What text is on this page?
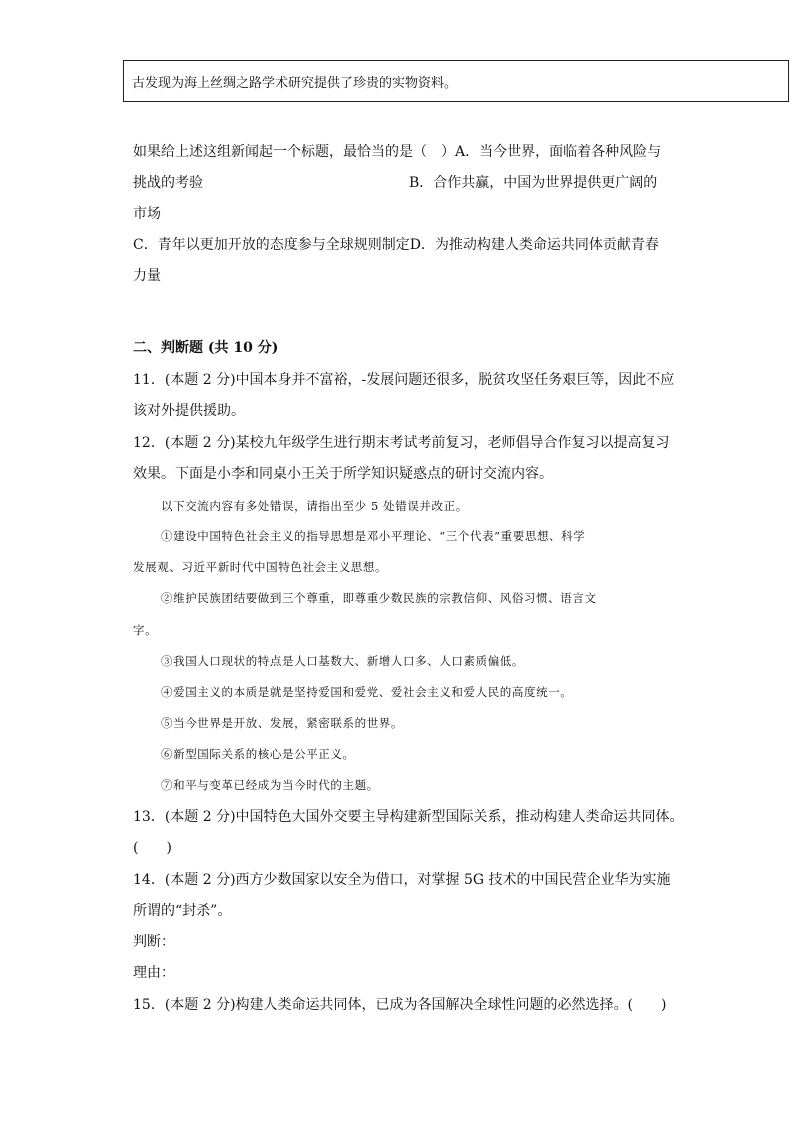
古发现为海上丝绸之路学术研究提供了珍贵的实物资料。
如果给上述这组新闻起一个标题，最恰当的是（　）A．当今世界，面临着各种风险与
挑战的考验	B．合作共赢，中国为世界提供更广阔的
市场
C．青年以更加开放的态度参与全球规则制定D．为推动构建人类命运共同体贡献青春
力量
二、判断题 (共 10 分)
11．(本题 2 分)中国本身并不富裕，-发展问题还很多，脱贫攻坚任务艰巨等，因此不应
该对外提供援助。
12．(本题 2 分)某校九年级学生进行期末考试考前复习，老师倡导合作复习以提高复习
效果。下面是小李和同桌小王关于所学知识疑惑点的研讨交流内容。
以下交流内容有多处错误，请指出至少 5 处错误并改正。
①建设中国特色社会主义的指导思想是邓小平理论、“三个代表”重要思想、科学
发展观、习近平新时代中国特色社会主义思想。
②维护民族团结要做到三个尊重，即尊重少数民族的宗教信仰、风俗习惯、语言文
字。
③我国人口现状的特点是人口基数大、新增人口多、人口素质偏低。
④爱国主义的本质是就是坚持爱国和爱党、爱社会主义和爱人民的高度统一。
⑤当今世界是开放、发展，紧密联系的世界。
⑥新型国际关系的核心是公平正义。
⑦和平与变革已经成为当今时代的主题。
13．(本题 2 分)中国特色大国外交要主导构建新型国际关系，推动构建人类命运共同体。
(　　)
14．(本题 2 分)西方少数国家以安全为借口，对掌握 5G 技术的中国民营企业华为实施
所谓的“封杀”。
判断：
理由：
15．(本题 2 分)构建人类命运共同体，已成为各国解决全球性问题的必然选择。(　　)
